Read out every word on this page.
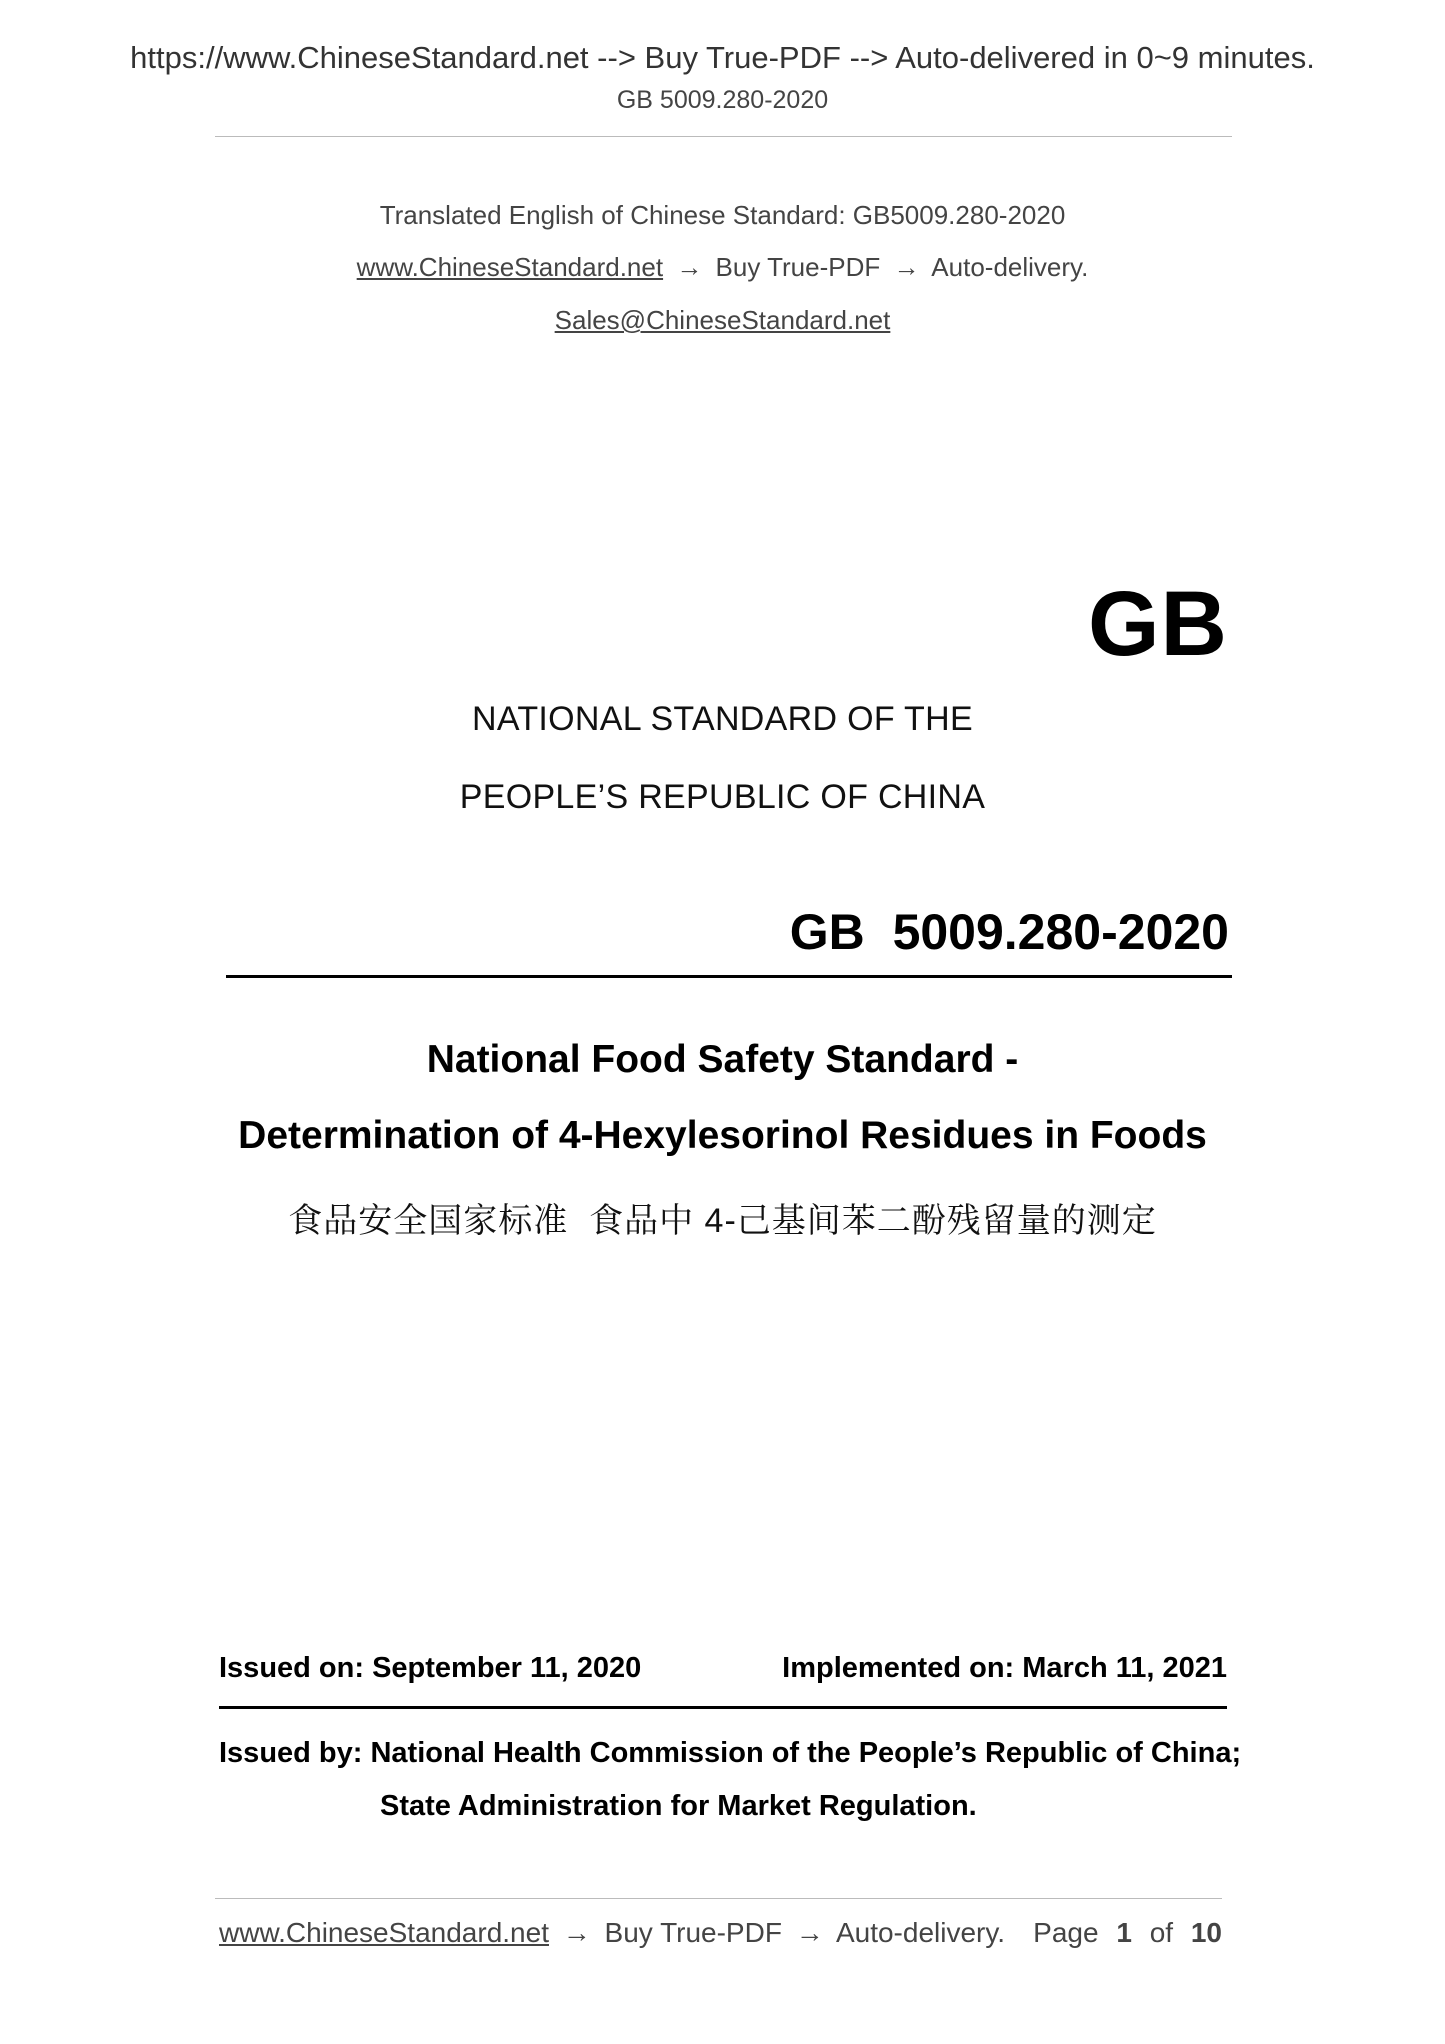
https://www.ChineseStandard.net --> Buy True-PDF --> Auto-delivered in 0~9 minutes.
GB 5009.280-2020
Translated English of Chinese Standard: GB5009.280-2020
www.ChineseStandard.net → Buy True-PDF → Auto-delivery.
Sales@ChineseStandard.net
GB
NATIONAL STANDARD OF THE
PEOPLE’S REPUBLIC OF CHINA
GB  5009.280-2020
National Food Safety Standard -
Determination of 4-Hexylesorinol Residues in Foods
食品安全国家标准  食品中 4-己基间苯二酚残留量的测定
Issued on: September 11, 2020	Implemented on: March 11, 2021
Issued by: National Health Commission of the People’s Republic of China;
State Administration for Market Regulation.
www.ChineseStandard.net → Buy True-PDF → Auto-delivery. Page 1 of 10
